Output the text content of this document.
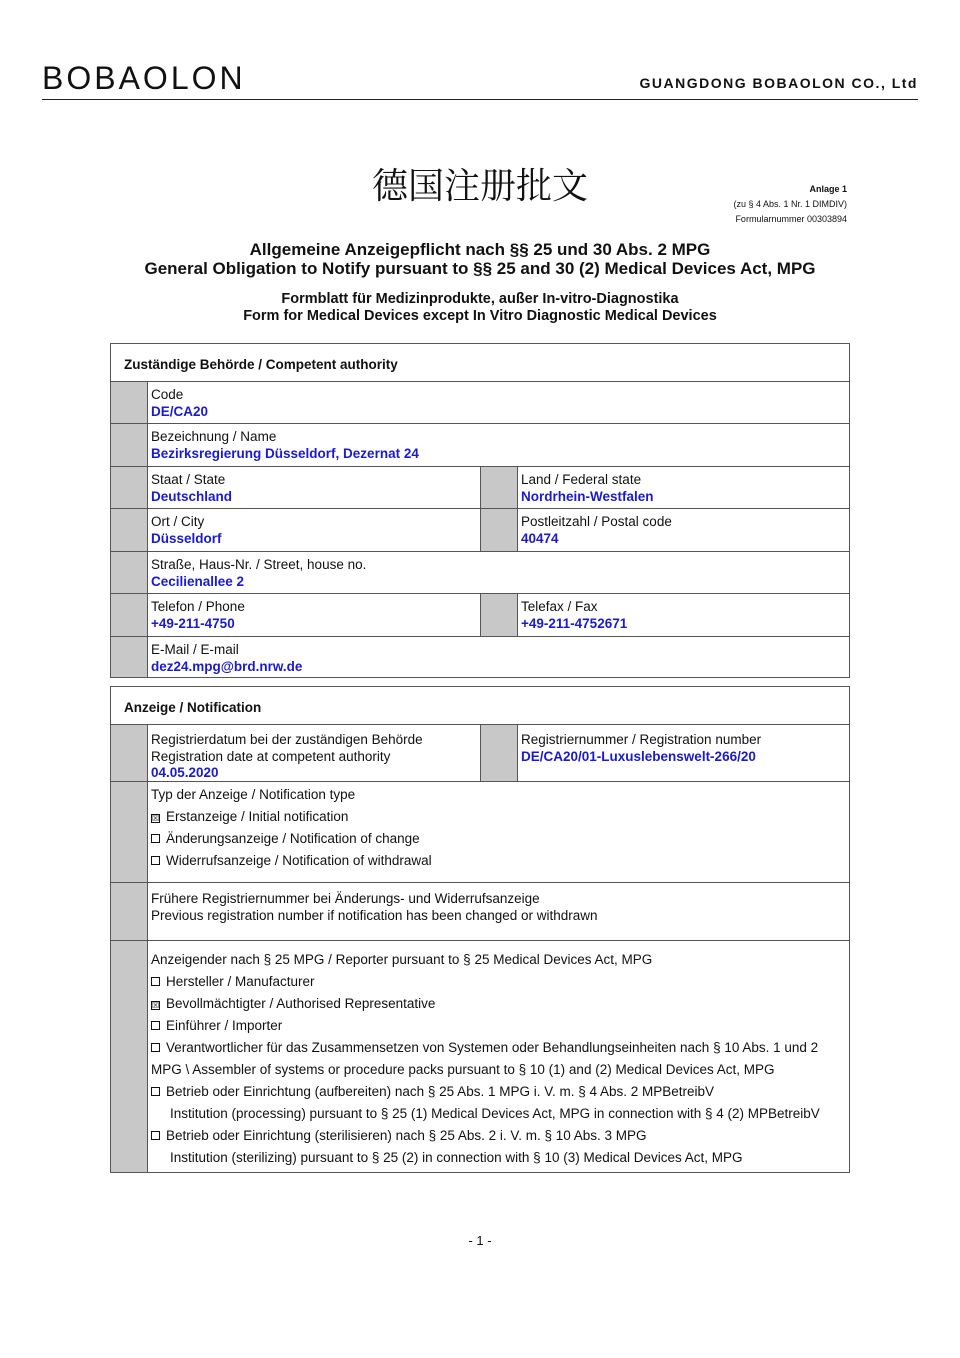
BOBAOLON	GUANGDONG BOBAOLON CO., Ltd
德国注册批文	Anlage 1
(zu § 4 Abs. 1 Nr. 1 DIMDIV)
Formularnummer 00303894
Allgemeine Anzeigepflicht nach §§ 25 und 30 Abs. 2 MPG
General Obligation to Notify pursuant to §§ 25 and 30 (2) Medical Devices Act, MPG
Formblatt für Medizinprodukte, außer In-vitro-Diagnostika
Form for Medical Devices except In Vitro Diagnostic Medical Devices
Zuständige Behörde / Competent authority
Code
DE/CA20
Bezeichnung / Name
Bezirksregierung Düsseldorf, Dezernat 24
Staat / State
Deutschland
Land / Federal state
Nordrhein-Westfalen
Ort / City
Düsseldorf
Postleitzahl / Postal code
40474
Straße, Haus-Nr. / Street, house no.
Cecilienallee 2
Telefon / Phone
+49-211-4750
Telefax / Fax
+49-211-4752671
E-Mail / E-mail
dez24.mpg@brd.nrw.de
Anzeige / Notification
Registrierdatum bei der zuständigen Behörde
Registration date at competent authority
04.05.2020
Registriernummer / Registration number
DE/CA20/01-Luxuslebenswelt-266/20
Typ der Anzeige / Notification type
☒ Erstanzeige / Initial notification
Änderungsanzeige / Notification of change
Widerrufsanzeige / Notification of withdrawal
Frühere Registriernummer bei Änderungs- und Widerrufsanzeige
Previous registration number if notification has been changed or withdrawn
Anzeigender nach § 25 MPG / Reporter pursuant to § 25 Medical Devices Act, MPG
Hersteller / Manufacturer
☒ Bevollmächtigter / Authorised Representative
Einführer / Importer
Verantwortlicher für das Zusammensetzen von Systemen oder Behandlungseinheiten nach § 10 Abs. 1 und 2
MPG \ Assembler of systems or procedure packs pursuant to § 10 (1) and (2) Medical Devices Act, MPG
Betrieb oder Einrichtung (aufbereiten) nach § 25 Abs. 1 MPG i. V. m. § 4 Abs. 2 MPBetreibV
Institution (processing) pursuant to § 25 (1) Medical Devices Act, MPG in connection with § 4 (2) MPBetreibV
Betrieb oder Einrichtung (sterilisieren) nach § 25 Abs. 2 i. V. m. § 10 Abs. 3 MPG
Institution (sterilizing) pursuant to § 25 (2) in connection with § 10 (3) Medical Devices Act, MPG
- 1 -
